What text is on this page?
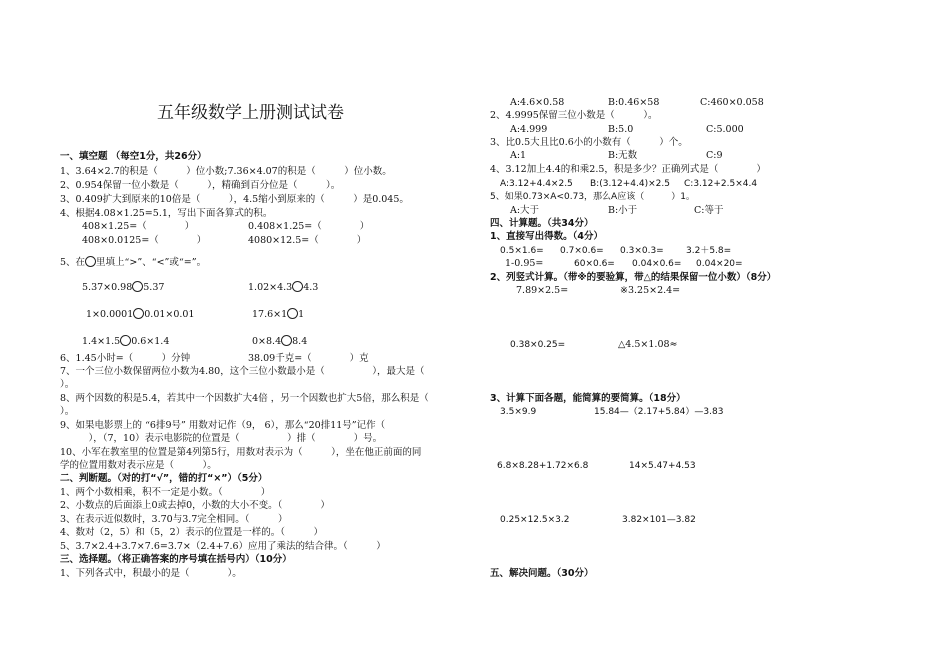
五年级数学上册测试试卷
一、填空题 （每空1分，共26分）
1、3.64×2.7的积是（　　　）位小数;7.36×4.07的积是（　　　）位小数。
2、0.954保留一位小数是（　　　），精确到百分位是（　　　）。
3、0.409扩大到原来的10倍是（　　　），4.5缩小到原来的（　　　）是0.045。
4、根据4.08×1.25=5.1，写出下面各算式的积。
408×1.25=（　　　　）	0.408×1.25=（　　　　）
408×0.0125=（　　　　）	4080×12.5=（　　　　）
5、在 里填上“>”、“<”或“=”。
5.37×0.98 5.37	1.02×4.3 4.3
1×0.0001 0.01×0.01	17.6×1 1
1.4×1.5 0.6×1.4	0×8.4 8.4
6、1.45小时=（　　　）分钟	38.09千克=（　　　　）克
7、一个三位小数保留两位小数为4.80，这个三位小数最小是（　　　　　），最大是（
）。
8、两个因数的积是5.4，若其中一个因数扩大4倍 ，另一个因数也扩大5倍，那么积是（
）。
9、如果电影票上的 “6排9号” 用数对记作（9， 6），那么“20排11号”记作（
　　　），（7，10）表示电影院的位置是（　　　　　）排（　　　　）号。
10、小军在教室里的位置是第4列第5行，用数对表示为（　　　），坐在他正前面的同
学的位置用数对表示应是（　　　）。
二、判断题。（对的打“√”，错的打“×”）（5分）
1、两个小数相乘，积不一定是小数。（　　　　）
2、小数点的后面添上0或去掉0，小数的大小不变。（　　　　）
3、在表示近似数时，3.70与3.7完全相同。（　　　）
4、数对（2，5）和（5，2）表示的位置是一样的。（　　　）
5、3.7×2.4+3.7×7.6=3.7×（2.4+7.6）应用了乘法的结合律。（　　　）
三、选择题。（将正确答案的序号填在括号内）（10分）
1、下列各式中，积最小的是（　　　　）。
A:4.6×0.58	B:0.46×58	C:460×0.058
2、4.9995保留三位小数是（　　　）。
A:4.999	B:5.0	C:5.000
3、比0.5大且比0.6小的小数有（　　　）个。
A:1	B:无数	C:9
4、3.12加上4.4的和乘2.5，积是多少？正确列式是（　　　　）
A:3.12+4.4×2.5 B:(3.12+4.4)×2.5 C:3.12+2.5×4.4
5、如果0.73×A<0.73，那么A应该（　　　）1。
A:大于	B:小于	C:等于
四、计算题。（共34分）
1、直接写出得数。（4分）
0.5×1.6= 0.7×0.6= 0.3×0.3= 3.2＋5.8=
1-0.95=	60×0.6= 0.04×0.6= 0.04×20=
2、列竖式计算。（带※的要验算，带△的结果保留一位小数）（8分）
7.89×2.5=	※3.25×2.4=
0.38×0.25=	△4.5×1.08≈
3、计算下面各题，能简算的要简算。（18分）
3.5×9.9	15.84—（2.17+5.84）—3.83
6.8×8.28+1.72×6.8	14×5.47+4.53
0.25×12.5×3.2	3.82×101—3.82
五、解决问题。（30分）
